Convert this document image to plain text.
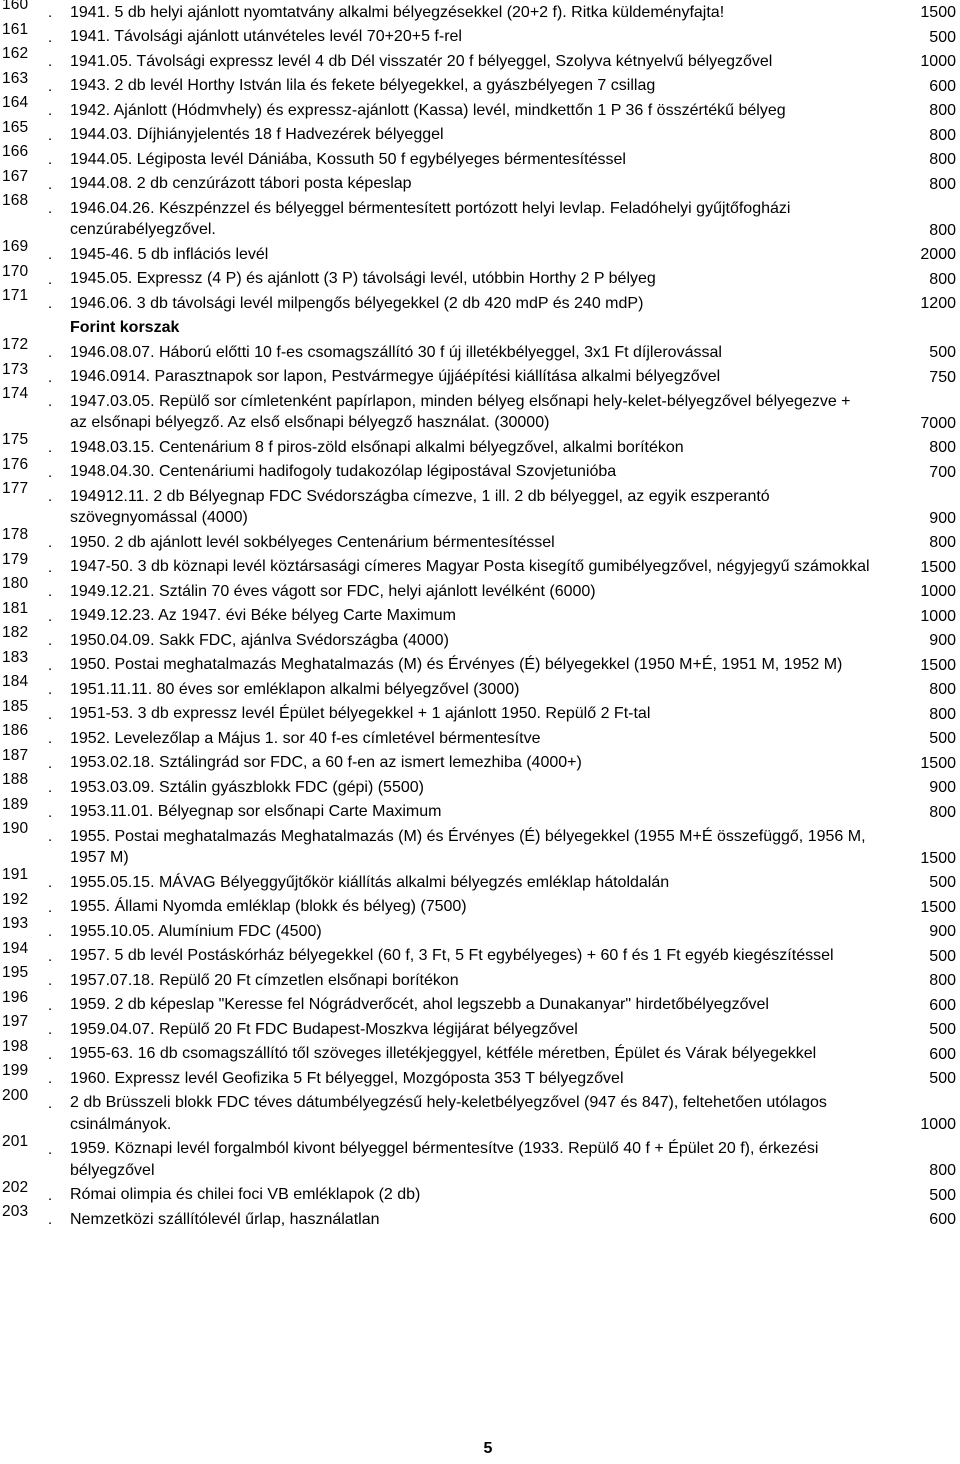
160 . 1941. 5 db helyi ajánlott nyomtatvány alkalmi bélyegzésekkel (20+2 f). Ritka küldeményfajta!	1500
161 . 1941. Távolsági ajánlott utánvételes levél 70+20+5 f-rel	500
162 . 1941.05. Távolsági expressz levél 4 db Dél visszatér 20 f bélyeggel, Szolyva kétnyelvű bélyegzővel	1000
163 . 1943. 2 db levél Horthy István lila és fekete bélyegekkel, a gyászbélyegen 7 csillag	600
164 . 1942. Ajánlott (Hódmvhely) és expressz-ajánlott (Kassa) levél, mindkettőn 1 P 36 f összértékű bélyeg	800
165 . 1944.03. Díjhiányjelentés 18 f Hadvezérek bélyeggel	800
166 . 1944.05. Légiposta levél Dániába, Kossuth 50 f egybélyeges bérmentesítéssel	800
167 . 1944.08. 2 db cenzúrázott tábori posta képeslap	800
168 . 1946.04.26. Készpénzzel és bélyeggel bérmentesített portózott helyi levlap. Feladóhelyi gyűjtőfogházi cenzúrabélyegzővel.	800
169 . 1945-46. 5 db inflációs levél	2000
170 . 1945.05. Expressz (4 P) és ajánlott (3 P) távolsági levél, utóbbin Horthy 2 P bélyeg	800
171 . 1946.06. 3 db távolsági levél milpengős bélyegekkel (2 db 420 mdP és 240 mdP)	1200
Forint korszak
172 . 1946.08.07. Háború előtti 10 f-es csomagszállító 30 f új illetékbélyeggel, 3x1 Ft díjlerovással	500
173 . 1946.0914. Parasztnapok sor lapon, Pestvármegye újjáépítési kiállítása alkalmi bélyegzővel	750
174 . 1947.03.05. Repülő sor címletenként papírlapon, minden bélyeg elsőnapi hely-kelet-bélyegzővel bélyegezve + az elsőnapi bélyegző. Az első elsőnapi bélyegző használat. (30000)	7000
175 . 1948.03.15. Centenárium 8 f piros-zöld elsőnapi alkalmi bélyegzővel, alkalmi borítékon	800
176 . 1948.04.30. Centenáriumi hadifogoly tudakozólap légipostával Szovjetunióba	700
177 . 194912.11. 2 db Bélyegnap FDC Svédországba címezve, 1 ill. 2 db bélyeggel, az egyik eszperantó szövegnyomással (4000)	900
178 . 1950. 2 db ajánlott levél sokbélyeges Centenárium bérmentesítéssel	800
179 . 1947-50. 3 db köznapi levél köztársasági címeres Magyar Posta kisegítő gumibélyegzővel, négyjegyű számokkal	1500
180 . 1949.12.21. Sztálin 70 éves vágott sor FDC, helyi ajánlott levélként (6000)	1000
181 . 1949.12.23. Az 1947. évi Béke bélyeg Carte Maximum	1000
182 . 1950.04.09. Sakk FDC, ajánlva Svédországba (4000)	900
183 . 1950. Postai meghatalmazás Meghatalmazás (M) és Érvényes (É) bélyegekkel (1950 M+É, 1951 M, 1952 M)	1500
184 . 1951.11.11. 80 éves sor emléklapon alkalmi bélyegzővel (3000)	800
185 . 1951-53. 3 db expressz levél Épület bélyegekkel + 1 ajánlott 1950. Repülő 2 Ft-tal	800
186 . 1952. Levelezőlap a Május 1. sor 40 f-es címletével bérmentesítve	500
187 . 1953.02.18. Sztálingrád sor FDC, a 60 f-en az ismert lemezhiba (4000+)	1500
188 . 1953.03.09. Sztálin gyászblokk FDC (gépi) (5500)	900
189 . 1953.11.01. Bélyegnap sor elsőnapi Carte Maximum	800
190 . 1955. Postai meghatalmazás Meghatalmazás (M) és Érvényes (É) bélyegekkel (1955 M+É összefüggő, 1956 M, 1957 M)	1500
191 . 1955.05.15. MÁVAG Bélyeggyűjtőkör kiállítás alkalmi bélyegzés emléklap hátoldalán	500
192 . 1955. Állami Nyomda emléklap (blokk és bélyeg) (7500)	1500
193 . 1955.10.05. Alumínium FDC (4500)	900
194 . 1957. 5 db levél Postáskórház bélyegekkel (60 f, 3 Ft, 5 Ft egybélyeges) + 60 f és 1 Ft egyéb kiegészítéssel	500
195 . 1957.07.18. Repülő 20 Ft címzetlen elsőnapi borítékon	800
196 . 1959. 2 db képeslap "Keresse fel Nógrádverőcét, ahol legszebb a Dunakanyar" hirdetőbélyegzővel	600
197 . 1959.04.07. Repülő 20 Ft FDC Budapest-Moszkva légijárat bélyegzővel	500
198 . 1955-63. 16 db csomagszállító től szöveges illetékjeggyel, kétféle méretben, Épület és Várak bélyegekkel	600
199 . 1960. Expressz levél Geofizika 5 Ft bélyeggel, Mozgóposta 353 T bélyegzővel	500
200 . 2 db Brüsszeli blokk FDC téves dátumbélyegzésű hely-keletbélyegzővel (947 és 847), feltehetően utólagos csinálmányok.	1000
201 . 1959. Köznapi levél forgalmból kivont bélyeggel bérmentesítve (1933. Repülő 40 f + Épület 20 f), érkezési bélyegzővel	800
202 . Római olimpia és chilei foci VB emléklapok (2 db)	500
203 . Nemzetközi szállítólevél űrlap, használatlan	600
5
